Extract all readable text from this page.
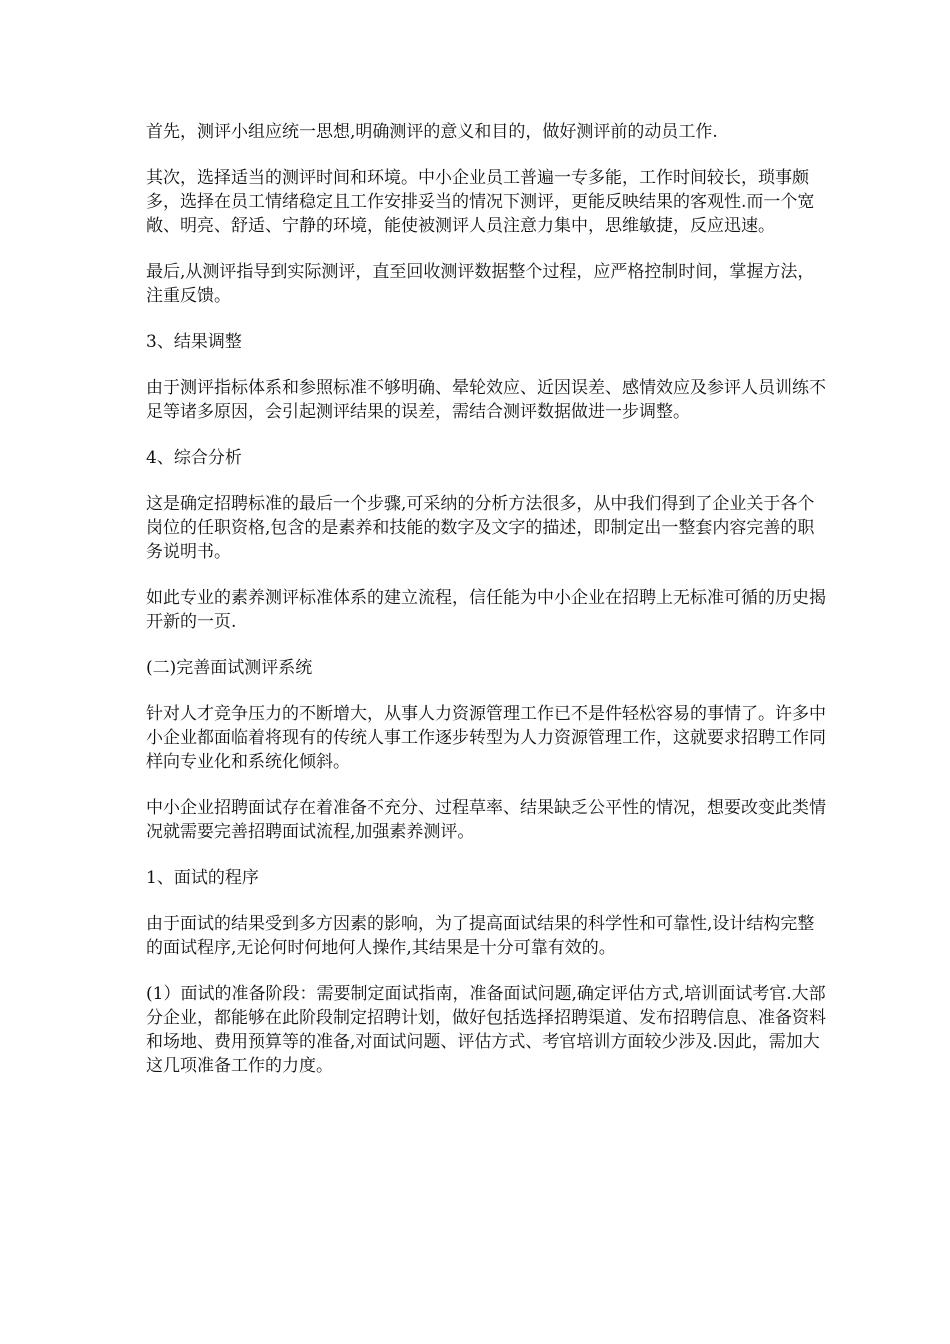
首先，测评小组应统一思想,明确测评的意义和目的，做好测评前的动员工作.

其次，选择适当的测评时间和环境。中小企业员工普遍一专多能，工作时间较长，琐事颇多，选择在员工情绪稳定且工作安排妥当的情况下测评，更能反映结果的客观性.而一个宽敞、明亮、舒适、宁静的环境，能使被测评人员注意力集中，思维敏捷，反应迅速。

最后,从测评指导到实际测评，直至回收测评数据整个过程，应严格控制时间，掌握方法，注重反馈。

3、结果调整

由于测评指标体系和参照标准不够明确、晕轮效应、近因误差、感情效应及参评人员训练不足等诸多原因，会引起测评结果的误差，需结合测评数据做进一步调整。

4、综合分析

这是确定招聘标准的最后一个步骤,可采纳的分析方法很多，从中我们得到了企业关于各个岗位的任职资格,包含的是素养和技能的数字及文字的描述，即制定出一整套内容完善的职务说明书。

如此专业的素养测评标准体系的建立流程，信任能为中小企业在招聘上无标准可循的历史揭开新的一页.

(二)完善面试测评系统

针对人才竞争压力的不断增大，从事人力资源管理工作已不是件轻松容易的事情了。许多中小企业都面临着将现有的传统人事工作逐步转型为人力资源管理工作，这就要求招聘工作同样向专业化和系统化倾斜。

中小企业招聘面试存在着准备不充分、过程草率、结果缺乏公平性的情况，想要改变此类情况就需要完善招聘面试流程,加强素养测评。

1、面试的程序

由于面试的结果受到多方因素的影响，为了提高面试结果的科学性和可靠性,设计结构完整的面试程序,无论何时何地何人操作,其结果是十分可靠有效的。

(1）面试的准备阶段：需要制定面试指南，准备面试问题,确定评估方式,培训面试考官.大部分企业，都能够在此阶段制定招聘计划，做好包括选择招聘渠道、发布招聘信息、准备资料和场地、费用预算等的准备,对面试问题、评估方式、考官培训方面较少涉及.因此，需加大这几项准备工作的力度。
